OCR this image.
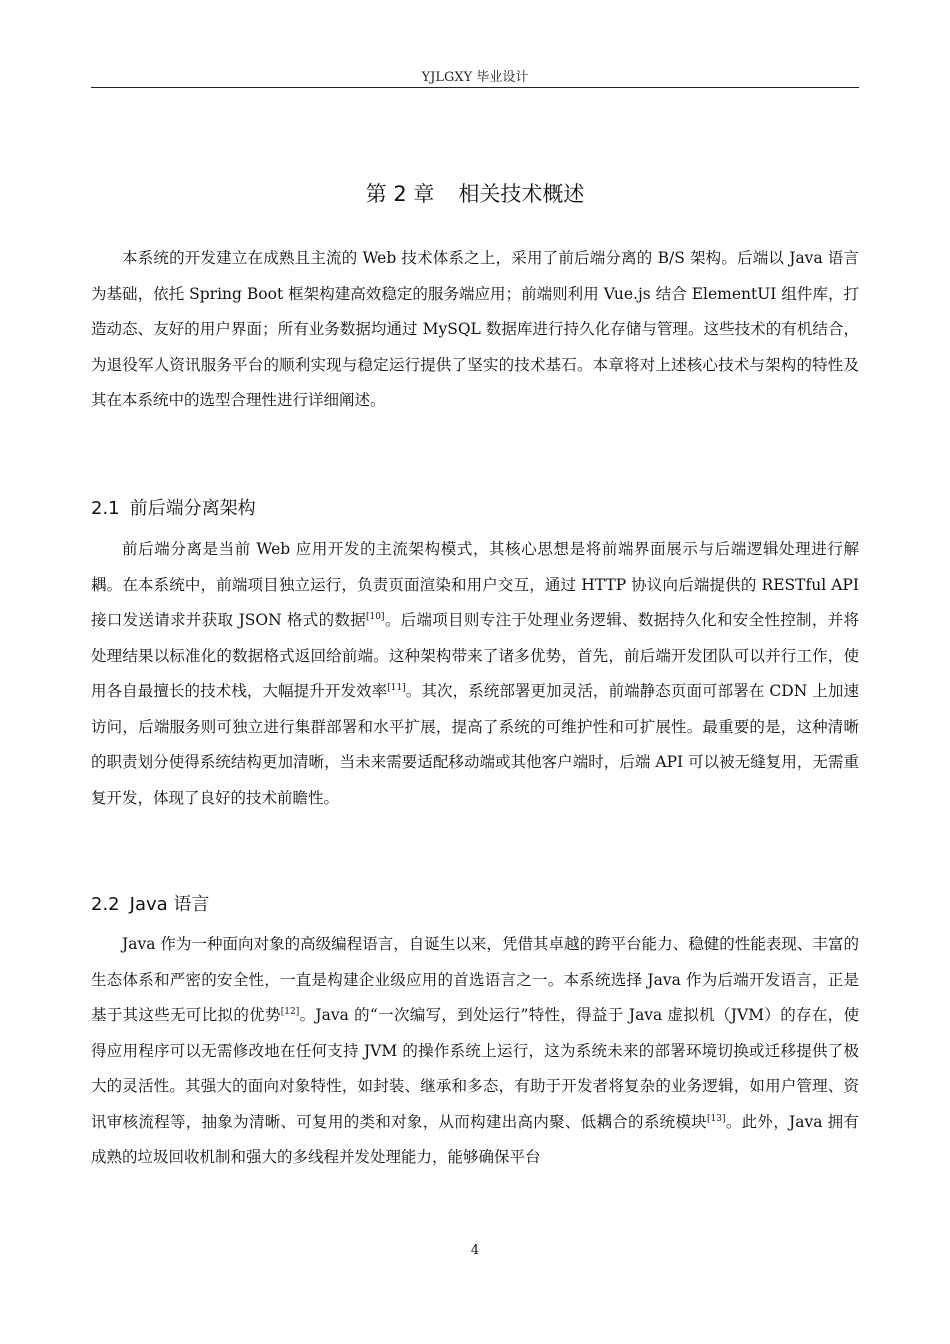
YJLGXY 毕业设计
第 2 章 相关技术概述

本系统的开发建立在成熟且主流的 Web 技术体系之上，采用了前后端分离的 B/S 架构。后端以 Java 语言为基础，依托 Spring Boot 框架构建高效稳定的服务端应用；前端则利用 Vue.js 结合 ElementUI 组件库，打造动态、友好的用户界面；所有业务数据均通过 MySQL 数据库进行持久化存储与管理。这些技术的有机结合，为退役军人资讯服务平台的顺利实现与稳定运行提供了坚实的技术基石。本章将对上述核心技术与架构的特性及其在本系统中的选型合理性进行详细阐述。

2.1 前后端分离架构

前后端分离是当前 Web 应用开发的主流架构模式，其核心思想是将前端界面展示与后端逻辑处理进行解耦。在本系统中，前端项目独立运行，负责页面渲染和用户交互，通过 HTTP 协议向后端提供的 RESTful API 接口发送请求并获取 JSON 格式的数据[10]。后端项目则专注于处理业务逻辑、数据持久化和安全性控制，并将处理结果以标准化的数据格式返回给前端。这种架构带来了诸多优势，首先，前后端开发团队可以并行工作，使用各自最擅长的技术栈，大幅提升开发效率[11]。其次，系统部署更加灵活，前端静态页面可部署在 CDN 上加速访问，后端服务则可独立进行集群部署和水平扩展，提高了系统的可维护性和可扩展性。最重要的是，这种清晰的职责划分使得系统结构更加清晰，当未来需要适配移动端或其他客户端时，后端 API 可以被无缝复用，无需重复开发，体现了良好的技术前瞻性。

2.2 Java 语言

Java 作为一种面向对象的高级编程语言，自诞生以来，凭借其卓越的跨平台能力、稳健的性能表现、丰富的生态体系和严密的安全性，一直是构建企业级应用的首选语言之一。本系统选择 Java 作为后端开发语言，正是基于其这些无可比拟的优势[12]。Java 的“一次编写，到处运行”特性，得益于 Java 虚拟机（JVM）的存在，使得应用程序可以无需修改地在任何支持 JVM 的操作系统上运行，这为系统未来的部署环境切换或迁移提供了极大的灵活性。其强大的面向对象特性，如封装、继承和多态，有助于开发者将复杂的业务逻辑，如用户管理、资讯审核流程等，抽象为清晰、可复用的类和对象，从而构建出高内聚、低耦合的系统模块[13]。此外，Java 拥有成熟的垃圾回收机制和强大的多线程并发处理能力，能够确保平台

4
